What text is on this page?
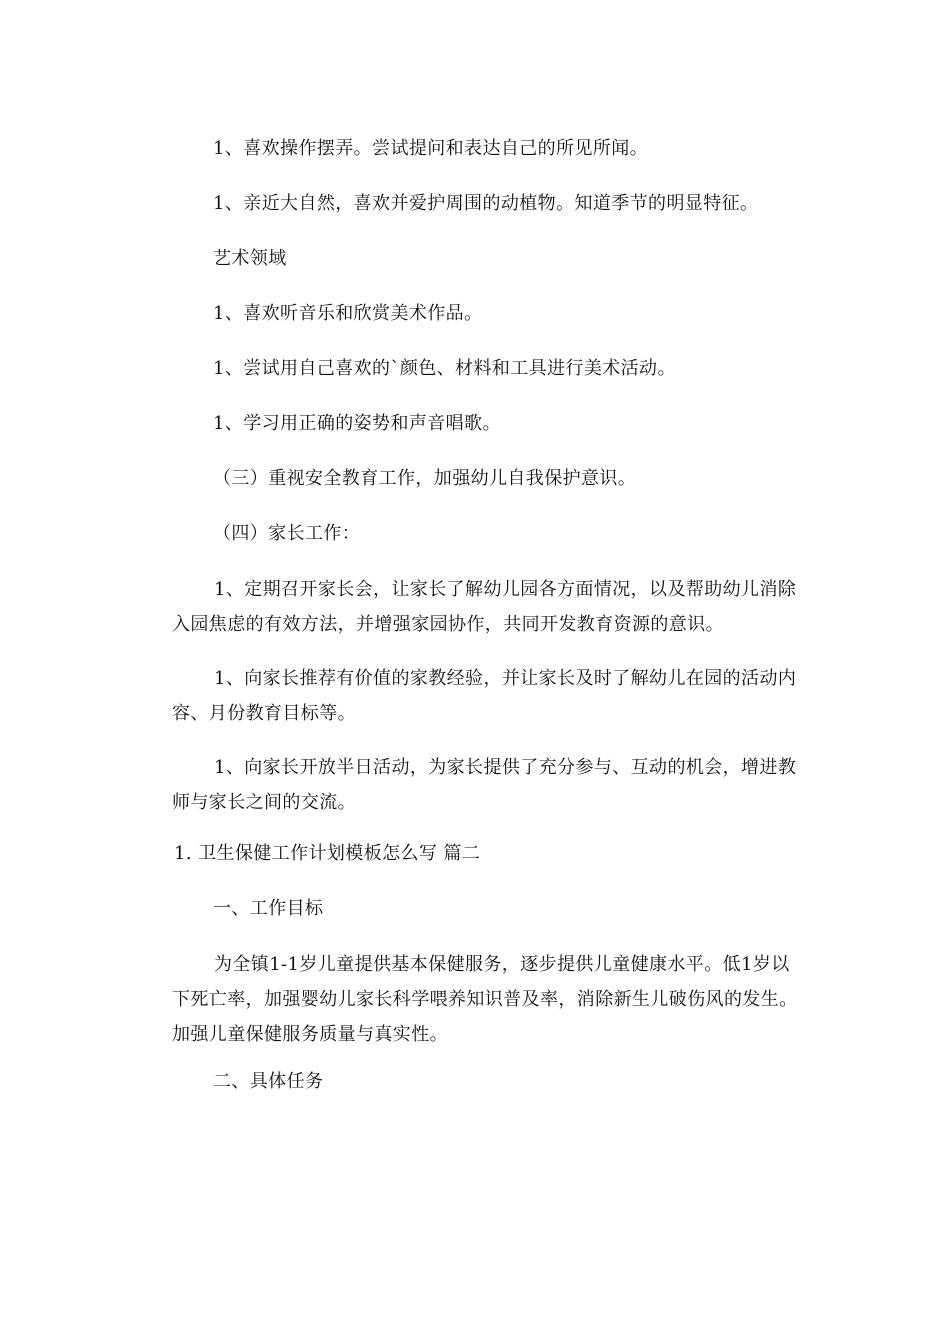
1、喜欢操作摆弄。尝试提问和表达自己的所见所闻。
1、亲近大自然，喜欢并爱护周围的动植物。知道季节的明显特征。
艺术领域
1、喜欢听音乐和欣赏美术作品。
1、尝试用自己喜欢的`颜色、材料和工具进行美术活动。
1、学习用正确的姿势和声音唱歌。
（三）重视安全教育工作，加强幼儿自我保护意识。
（四）家长工作：
1、定期召开家长会，让家长了解幼儿园各方面情况，以及帮助幼儿消除入园焦虑的有效方法，并增强家园协作，共同开发教育资源的意识。
1、向家长推荐有价值的家教经验，并让家长及时了解幼儿在园的活动内容、月份教育目标等。
1、向家长开放半日活动，为家长提供了充分参与、互动的机会，增进教师与家长之间的交流。
1. 卫生保健工作计划模板怎么写 篇二
一、工作目标
为全镇1-1岁儿童提供基本保健服务，逐步提供儿童健康水平。低1岁以下死亡率，加强婴幼儿家长科学喂养知识普及率，消除新生儿破伤风的发生。加强儿童保健服务质量与真实性。
二、具体任务
